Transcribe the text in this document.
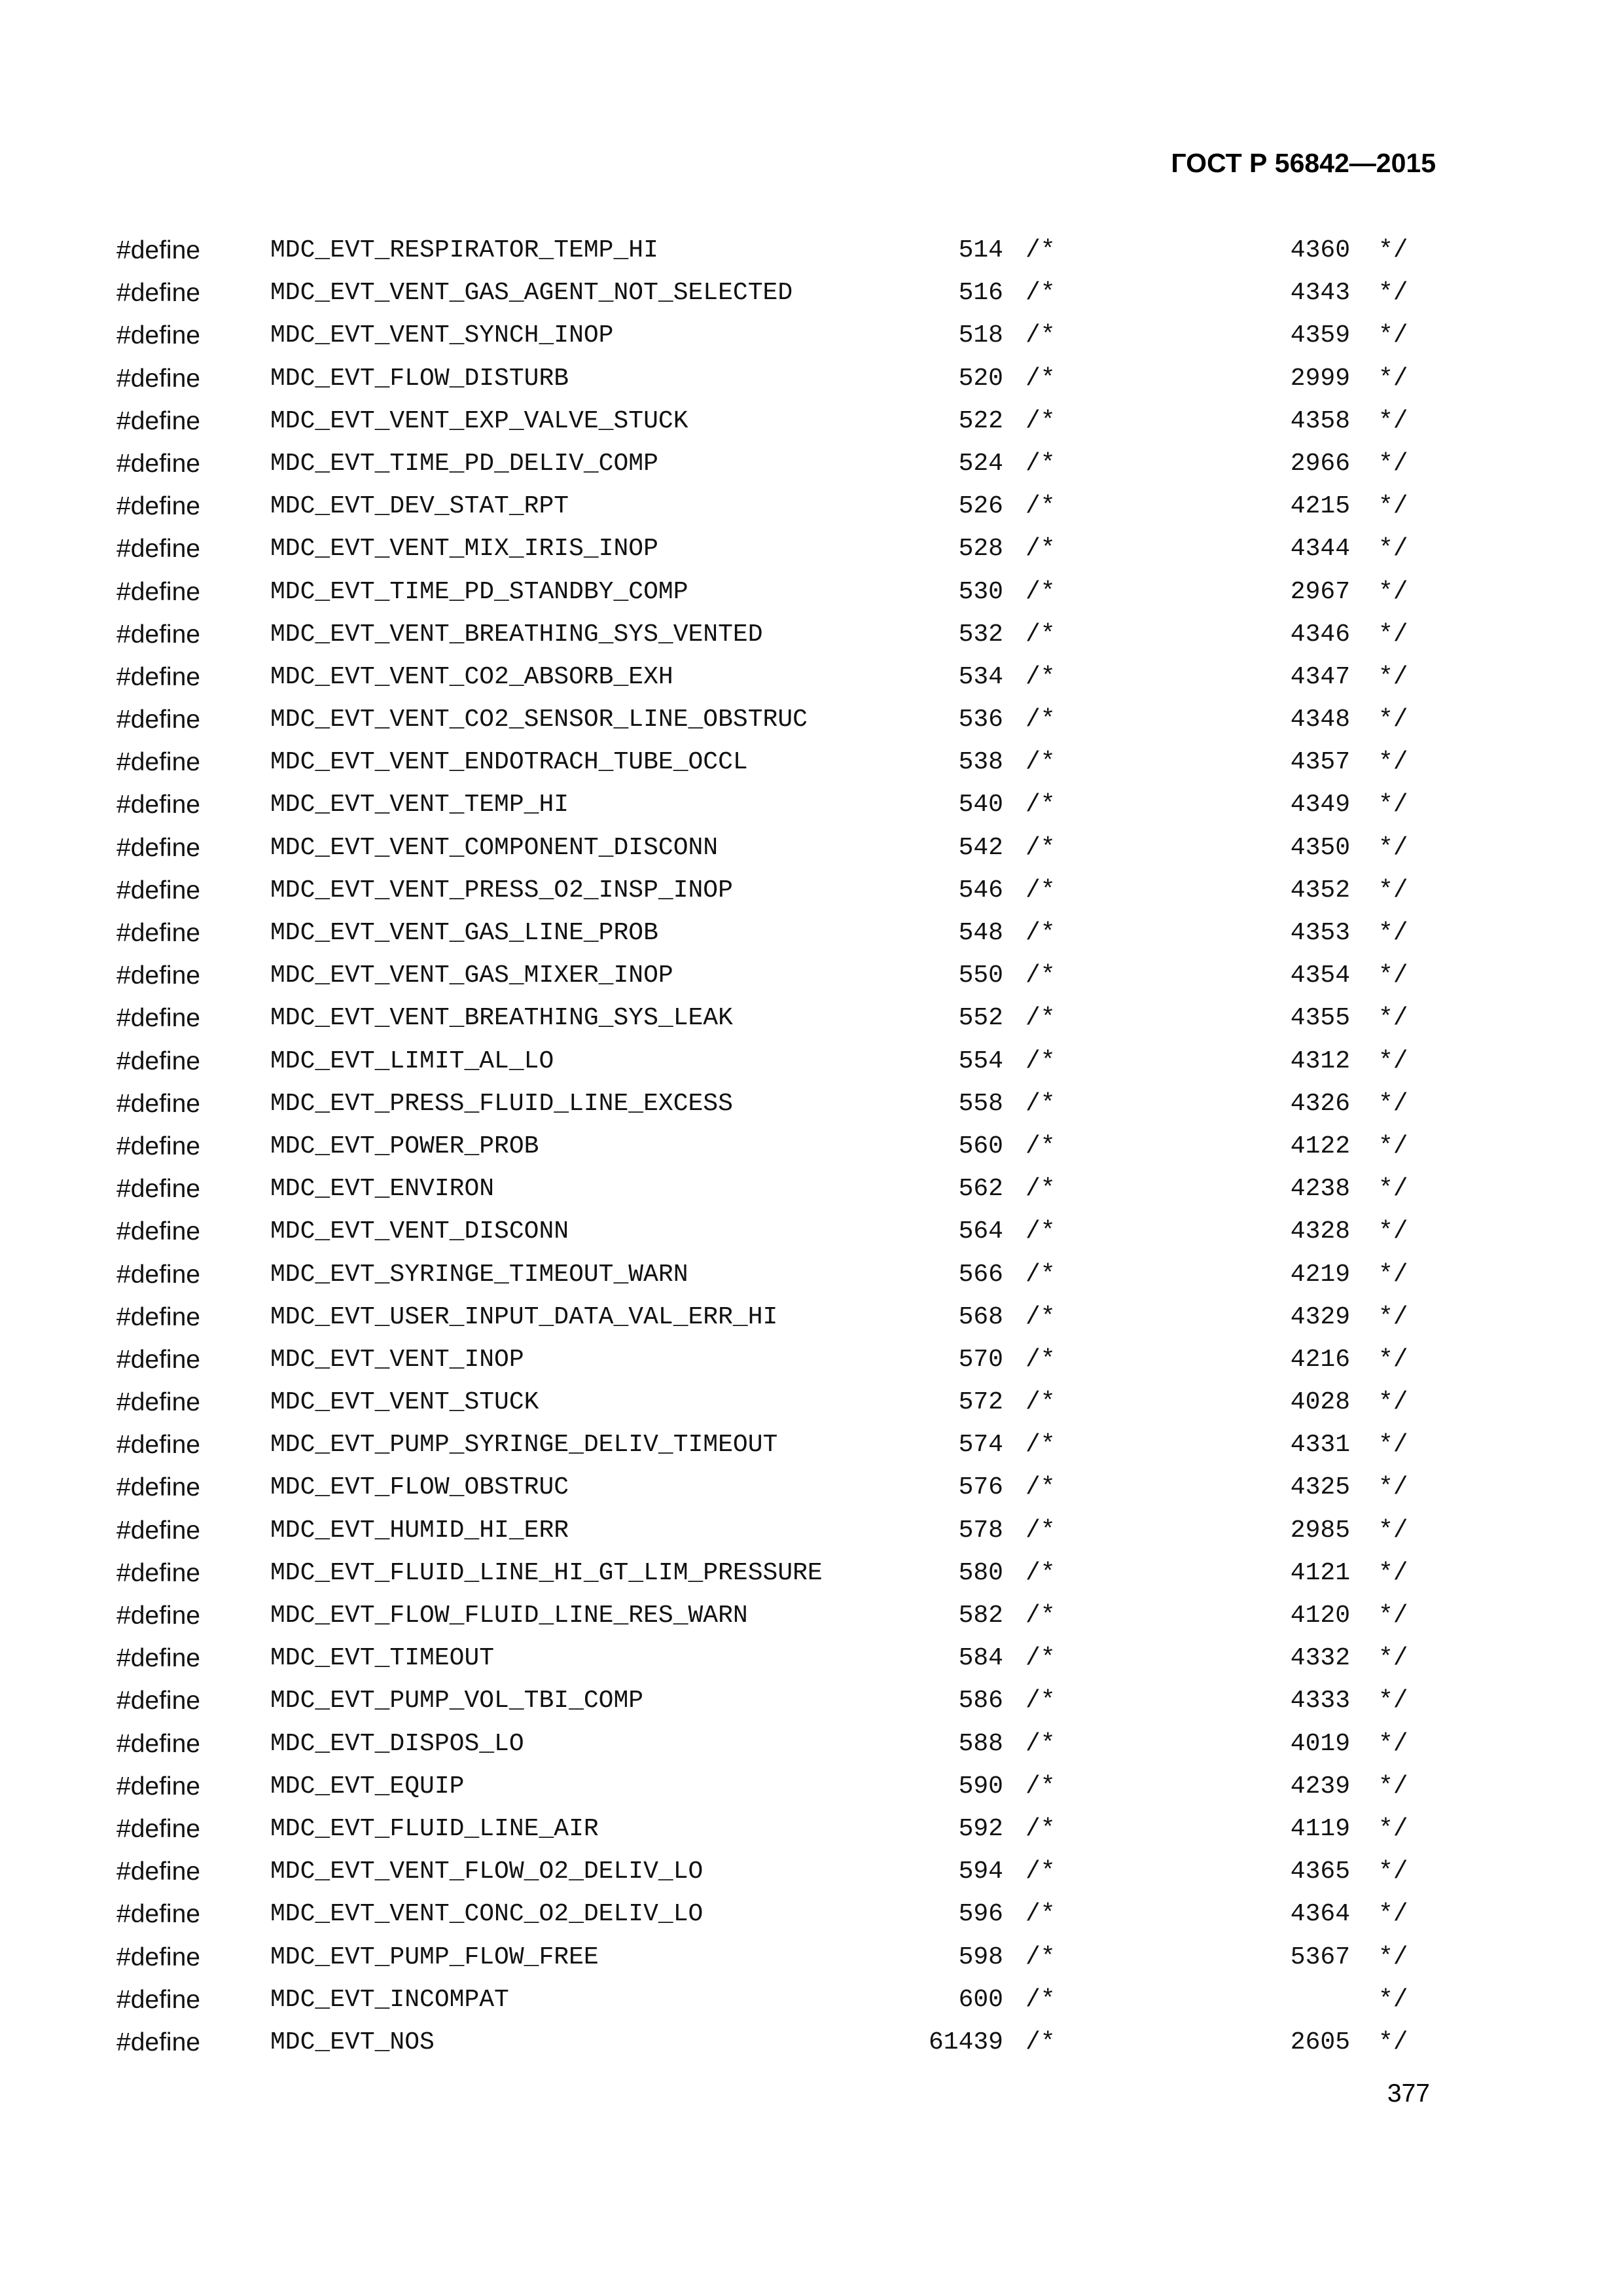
ГОСТ Р 56842—2015
#define	MDC_EVT_RESPIRATOR_TEMP_HI	514 /*	4360 */
#define	MDC_EVT_VENT_GAS_AGENT_NOT_SELECTED	516 /*	4343 */
#define	MDC_EVT_VENT_SYNCH_INOP	518 /*	4359 */
#define	MDC_EVT_FLOW_DISTURB	520 /*	2999 */
#define	MDC_EVT_VENT_EXP_VALVE_STUCK	522 /*	4358 */
#define	MDC_EVT_TIME_PD_DELIV_COMP	524 /*	2966 */
#define	MDC_EVT_DEV_STAT_RPT	526 /*	4215 */
#define	MDC_EVT_VENT_MIX_IRIS_INOP	528 /*	4344 */
#define	MDC_EVT_TIME_PD_STANDBY_COMP	530 /*	2967 */
#define	MDC_EVT_VENT_BREATHING_SYS_VENTED	532 /*	4346 */
#define	MDC_EVT_VENT_CO2_ABSORB_EXH	534 /*	4347 */
#define	MDC_EVT_VENT_CO2_SENSOR_LINE_OBSTRUC	536 /*	4348 */
#define	MDC_EVT_VENT_ENDOTRACH_TUBE_OCCL	538 /*	4357 */
#define	MDC_EVT_VENT_TEMP_HI	540 /*	4349 */
#define	MDC_EVT_VENT_COMPONENT_DISCONN	542 /*	4350 */
#define	MDC_EVT_VENT_PRESS_O2_INSP_INOP	546 /*	4352 */
#define	MDC_EVT_VENT_GAS_LINE_PROB	548 /*	4353 */
#define	MDC_EVT_VENT_GAS_MIXER_INOP	550 /*	4354 */
#define	MDC_EVT_VENT_BREATHING_SYS_LEAK	552 /*	4355 */
#define	MDC_EVT_LIMIT_AL_LO	554 /*	4312 */
#define	MDC_EVT_PRESS_FLUID_LINE_EXCESS	558 /*	4326 */
#define	MDC_EVT_POWER_PROB	560 /*	4122 */
#define	MDC_EVT_ENVIRON	562 /*	4238 */
#define	MDC_EVT_VENT_DISCONN	564 /*	4328 */
#define	MDC_EVT_SYRINGE_TIMEOUT_WARN	566 /*	4219 */
#define	MDC_EVT_USER_INPUT_DATA_VAL_ERR_HI	568 /*	4329 */
#define	MDC_EVT_VENT_INOP	570 /*	4216 */
#define	MDC_EVT_VENT_STUCK	572 /*	4028 */
#define	MDC_EVT_PUMP_SYRINGE_DELIV_TIMEOUT	574 /*	4331 */
#define	MDC_EVT_FLOW_OBSTRUC	576 /*	4325 */
#define	MDC_EVT_HUMID_HI_ERR	578 /*	2985 */
#define	MDC_EVT_FLUID_LINE_HI_GT_LIM_PRESSURE	580 /*	4121 */
#define	MDC_EVT_FLOW_FLUID_LINE_RES_WARN	582 /*	4120 */
#define	MDC_EVT_TIMEOUT	584 /*	4332 */
#define	MDC_EVT_PUMP_VOL_TBI_COMP	586 /*	4333 */
#define	MDC_EVT_DISPOS_LO	588 /*	4019 */
#define	MDC_EVT_EQUIP	590 /*	4239 */
#define	MDC_EVT_FLUID_LINE_AIR	592 /*	4119 */
#define	MDC_EVT_VENT_FLOW_O2_DELIV_LO	594 /*	4365 */
#define	MDC_EVT_VENT_CONC_O2_DELIV_LO	596 /*	4364 */
#define	MDC_EVT_PUMP_FLOW_FREE	598 /*	5367 */
#define	MDC_EVT_INCOMPAT	600 /*	*/
#define	MDC_EVT_NOS	61439 /*	2605 */
377
